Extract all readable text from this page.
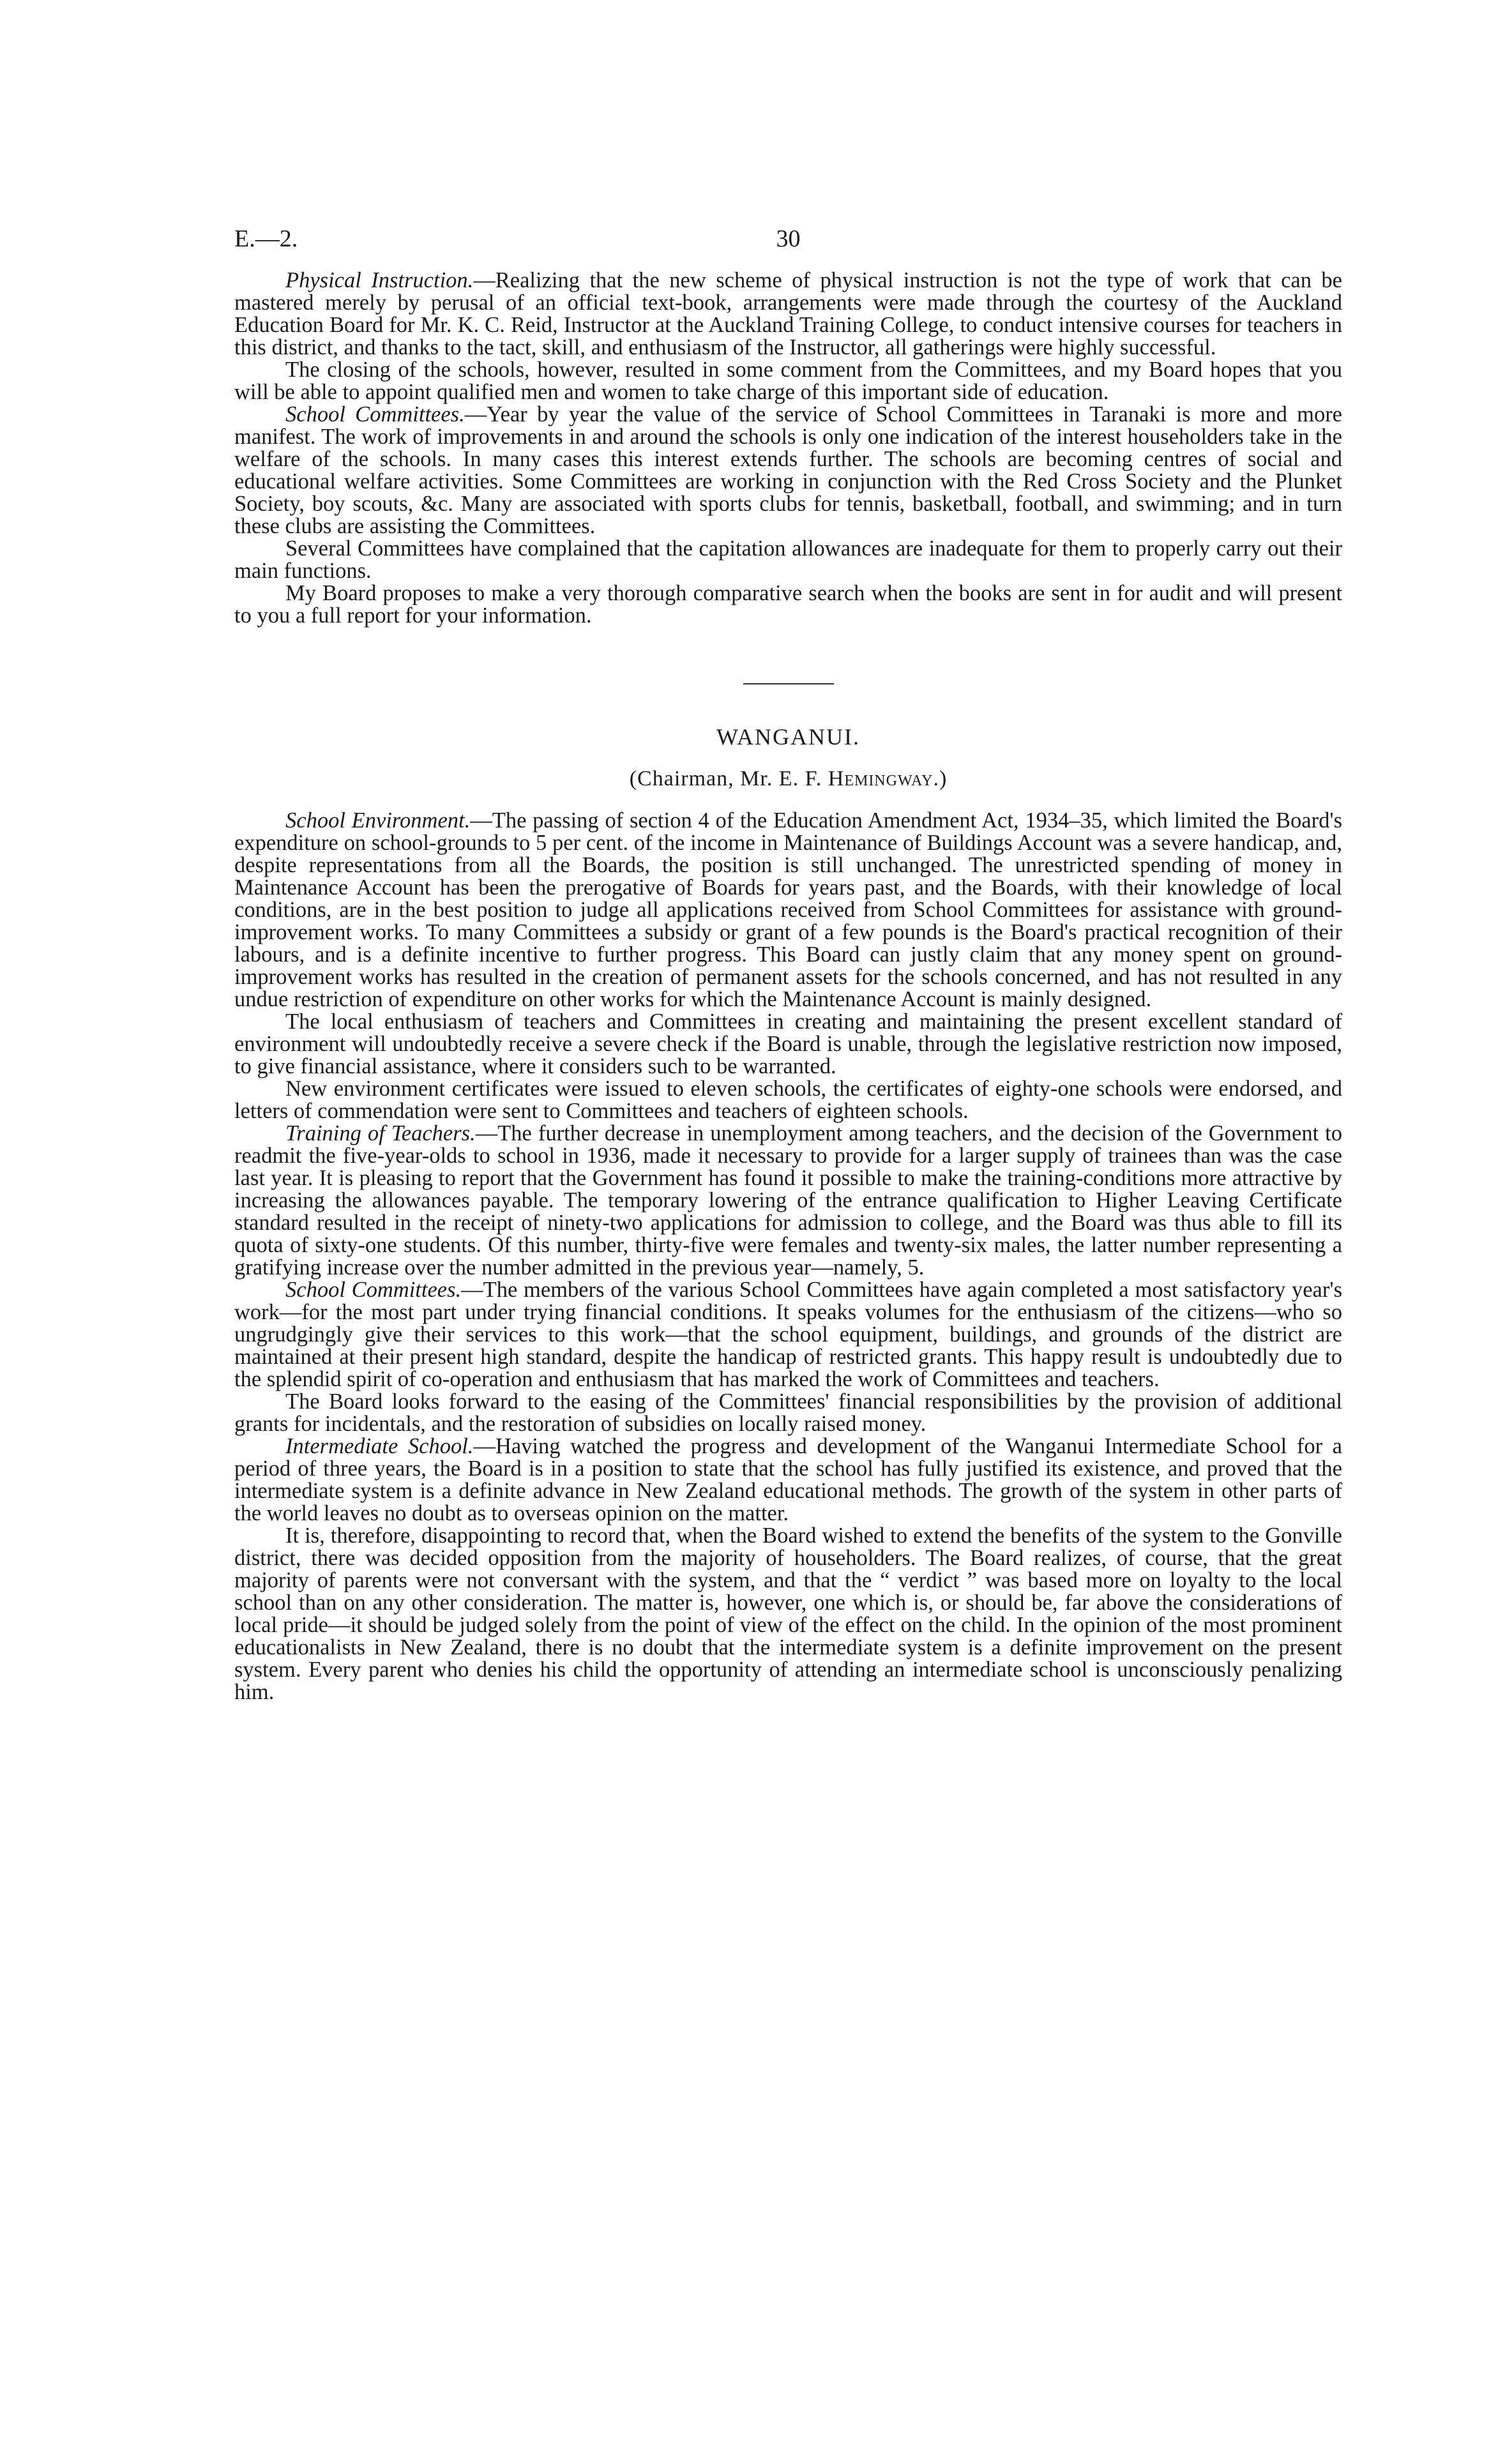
E.—2.	30

Physical Instruction.—Realizing that the new scheme of physical instruction is not the type of work that can be mastered merely by perusal of an official text-book, arrangements were made through the courtesy of the Auckland Education Board for Mr. K. C. Reid, Instructor at the Auckland Training College, to conduct intensive courses for teachers in this district, and thanks to the tact, skill, and enthusiasm of the Instructor, all gatherings were highly successful.

The closing of the schools, however, resulted in some comment from the Committees, and my Board hopes that you will be able to appoint qualified men and women to take charge of this important side of education.

School Committees.—Year by year the value of the service of School Committees in Taranaki is more and more manifest. The work of improvements in and around the schools is only one indication of the interest householders take in the welfare of the schools. In many cases this interest extends further. The schools are becoming centres of social and educational welfare activities. Some Committees are working in conjunction with the Red Cross Society and the Plunket Society, boy scouts, &c. Many are associated with sports clubs for tennis, basketball, football, and swimming; and in turn these clubs are assisting the Committees.

Several Committees have complained that the capitation allowances are inadequate for them to properly carry out their main functions.

My Board proposes to make a very thorough comparative search when the books are sent in for audit and will present to you a full report for your information.

WANGANUI.
(Chairman, Mr. E. F. Hemingway.)

School Environment.—The passing of section 4 of the Education Amendment Act, 1934–35, which limited the Board's expenditure on school-grounds to 5 per cent. of the income in Maintenance of Buildings Account was a severe handicap, and, despite representations from all the Boards, the position is still unchanged. The unrestricted spending of money in Maintenance Account has been the prerogative of Boards for years past, and the Boards, with their knowledge of local conditions, are in the best position to judge all applications received from School Committees for assistance with ground-improvement works. To many Committees a subsidy or grant of a few pounds is the Board's practical recognition of their labours, and is a definite incentive to further progress. This Board can justly claim that any money spent on ground-improvement works has resulted in the creation of permanent assets for the schools concerned, and has not resulted in any undue restriction of expenditure on other works for which the Maintenance Account is mainly designed.

The local enthusiasm of teachers and Committees in creating and maintaining the present excellent standard of environment will undoubtedly receive a severe check if the Board is unable, through the legislative restriction now imposed, to give financial assistance, where it considers such to be warranted.

New environment certificates were issued to eleven schools, the certificates of eighty-one schools were endorsed, and letters of commendation were sent to Committees and teachers of eighteen schools.

Training of Teachers.—The further decrease in unemployment among teachers, and the decision of the Government to readmit the five-year-olds to school in 1936, made it necessary to provide for a larger supply of trainees than was the case last year. It is pleasing to report that the Government has found it possible to make the training-conditions more attractive by increasing the allowances payable. The temporary lowering of the entrance qualification to Higher Leaving Certificate standard resulted in the receipt of ninety-two applications for admission to college, and the Board was thus able to fill its quota of sixty-one students. Of this number, thirty-five were females and twenty-six males, the latter number representing a gratifying increase over the number admitted in the previous year—namely, 5.

School Committees.—The members of the various School Committees have again completed a most satisfactory year's work—for the most part under trying financial conditions. It speaks volumes for the enthusiasm of the citizens—who so ungrudgingly give their services to this work—that the school equipment, buildings, and grounds of the district are maintained at their present high standard, despite the handicap of restricted grants. This happy result is undoubtedly due to the splendid spirit of co-operation and enthusiasm that has marked the work of Committees and teachers.

The Board looks forward to the easing of the Committees' financial responsibilities by the provision of additional grants for incidentals, and the restoration of subsidies on locally raised money.

Intermediate School.—Having watched the progress and development of the Wanganui Intermediate School for a period of three years, the Board is in a position to state that the school has fully justified its existence, and proved that the intermediate system is a definite advance in New Zealand educational methods. The growth of the system in other parts of the world leaves no doubt as to overseas opinion on the matter.

It is, therefore, disappointing to record that, when the Board wished to extend the benefits of the system to the Gonville district, there was decided opposition from the majority of householders. The Board realizes, of course, that the great majority of parents were not conversant with the system, and that the “ verdict ” was based more on loyalty to the local school than on any other consideration. The matter is, however, one which is, or should be, far above the considerations of local pride—it should be judged solely from the point of view of the effect on the child. In the opinion of the most prominent educationalists in New Zealand, there is no doubt that the intermediate system is a definite improvement on the present system. Every parent who denies his child the opportunity of attending an intermediate school is unconsciously penalizing him.
